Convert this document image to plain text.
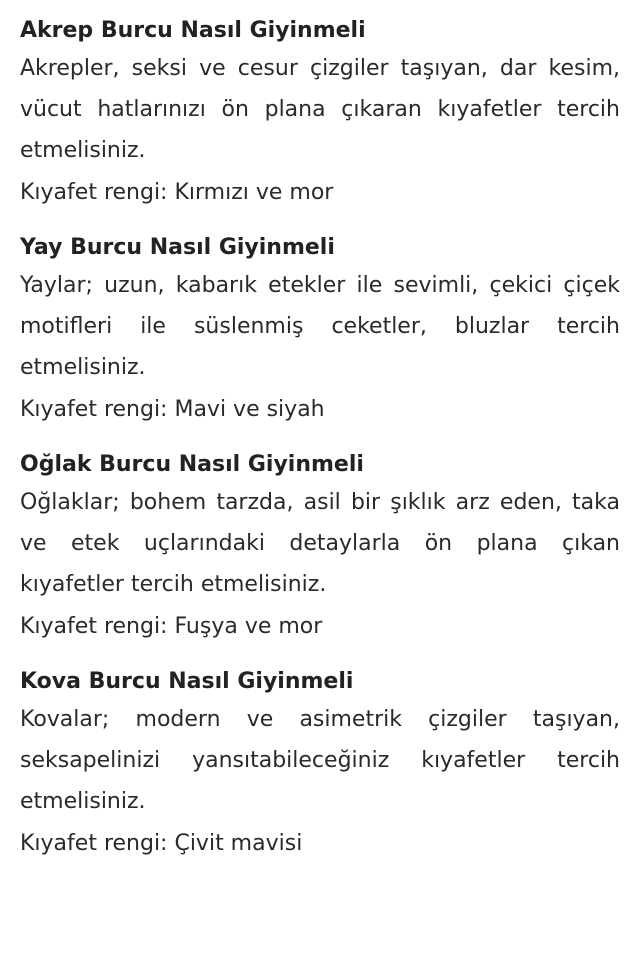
Akrep Burcu Nasıl Giyinmeli

Akrepler, seksi ve cesur çizgiler taşıyan, dar kesim, vücut hatlarınızı ön plana çıkaran kıyafetler tercih etmelisiniz.

Kıyafet rengi: Kırmızı ve mor

Yay Burcu Nasıl Giyinmeli

Yaylar; uzun, kabarık etekler ile sevimli, çekici çiçek motifleri ile süslenmiş ceketler, bluzlar tercih etmelisiniz.

Kıyafet rengi: Mavi ve siyah

Oğlak Burcu Nasıl Giyinmeli

Oğlaklar; bohem tarzda, asil bir şıklık arz eden, taka ve etek uçlarındaki detaylarla ön plana çıkan kıyafetler tercih etmelisiniz.

Kıyafet rengi: Fuşya ve mor

Kova Burcu Nasıl Giyinmeli

Kovalar; modern ve asimetrik çizgiler taşıyan, seksapelinizi yansıtabileceğiniz kıyafetler tercih etmelisiniz.

Kıyafet rengi: Çivit mavisi
